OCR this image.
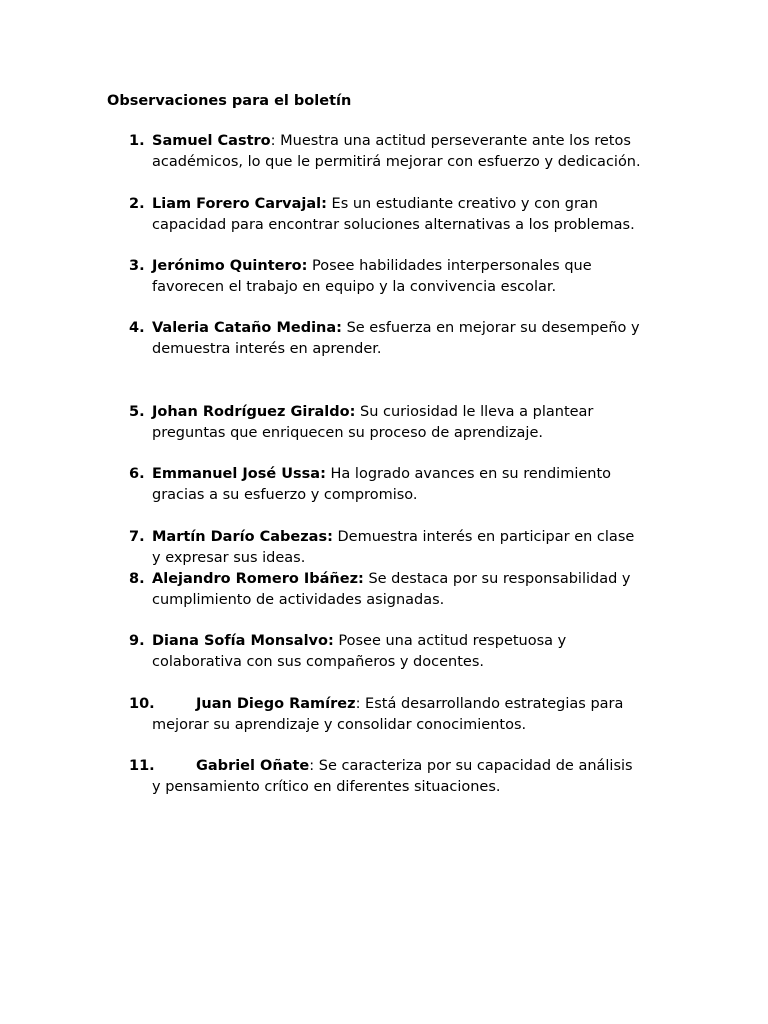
Observaciones para el boletín
1. Samuel Castro: Muestra una actitud perseverante ante los retos
académicos, lo que le permitirá mejorar con esfuerzo y dedicación.
2. Liam Forero Carvajal: Es un estudiante creativo y con gran
capacidad para encontrar soluciones alternativas a los problemas.
3. Jerónimo Quintero: Posee habilidades interpersonales que
favorecen el trabajo en equipo y la convivencia escolar.
4. Valeria Cataño Medina: Se esfuerza en mejorar su desempeño y
demuestra interés en aprender.
5. Johan Rodríguez Giraldo: Su curiosidad le lleva a plantear
preguntas que enriquecen su proceso de aprendizaje.
6. Emmanuel José Ussa: Ha logrado avances en su rendimiento
gracias a su esfuerzo y compromiso.
7. Martín Darío Cabezas: Demuestra interés en participar en clase
y expresar sus ideas.
8. Alejandro Romero Ibáñez: Se destaca por su responsabilidad y
cumplimiento de actividades asignadas.
9. Diana Sofía Monsalvo: Posee una actitud respetuosa y
colaborativa con sus compañeros y docentes.
10.	Juan Diego Ramírez: Está desarrollando estrategias para
mejorar su aprendizaje y consolidar conocimientos.
11.	Gabriel Oñate: Se caracteriza por su capacidad de análisis
y pensamiento crítico en diferentes situaciones.
